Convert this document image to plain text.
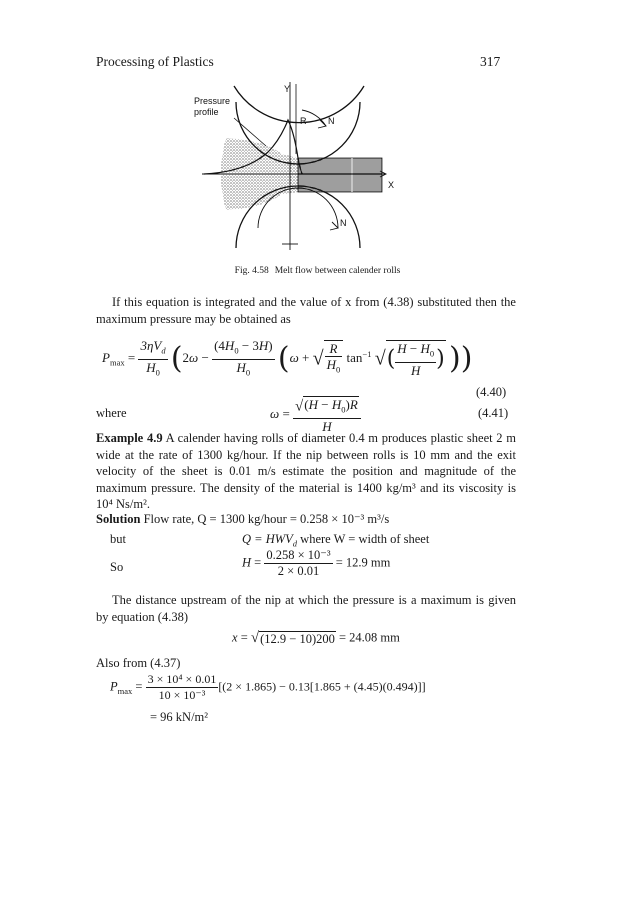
Processing of Plastics	317
Y
X
Pressure
profile
R N
N
Fig. 4.58 Melt flow between calender rolls

If this equation is integrated and the value of x from (4.38) substituted then the maximum pressure may be obtained as

$P_{max} = \frac{3\eta V_d}{H_0} (2\omega - \frac{(4H_0 - 3H)}{H_0} (\omega$ + √ $\frac{R}{H_0} \tan^{-1}$ √( $\frac{H - H_0}{H}$ ) ))
(4.40)
where	$\omega = \frac{√(H - H_0)R}{H}$	(4.41)

Example 4.9 A calender having rolls of diameter 0.4 m produces plastic sheet 2 m wide at the rate of 1300 kg/hour. If the nip between rolls is 10 mm and the exit velocity of the sheet is 0.01 m/s estimate the position and magnitude of the maximum pressure. The density of the material is 1400 kg/m³ and its viscosity is 10⁴ Ns/m².

Solution Flow rate, Q = 1300 kg/hour = 0.258 × 10⁻³ m³/s

but	$Q = HWV_d$ where W = width of sheet
So	$H = \frac{\text{0.258 × 10⁻³}}{2 \times 0.01} = 12.9$ mm

The distance upstream of the nip at which the pressure is a maximum is given by equation (4.38)

x = √(12.9 − 10)200 = 24.08 mm
Also from (4.37)
$P_{max} = \frac{\text{3 × 10⁴ × 0.01}}{\text{10 × 10⁻³}} [(2 \times 1.865) - 0.13[1.865 + (4.45)(0.494)]]$
= 96 kN/m²
